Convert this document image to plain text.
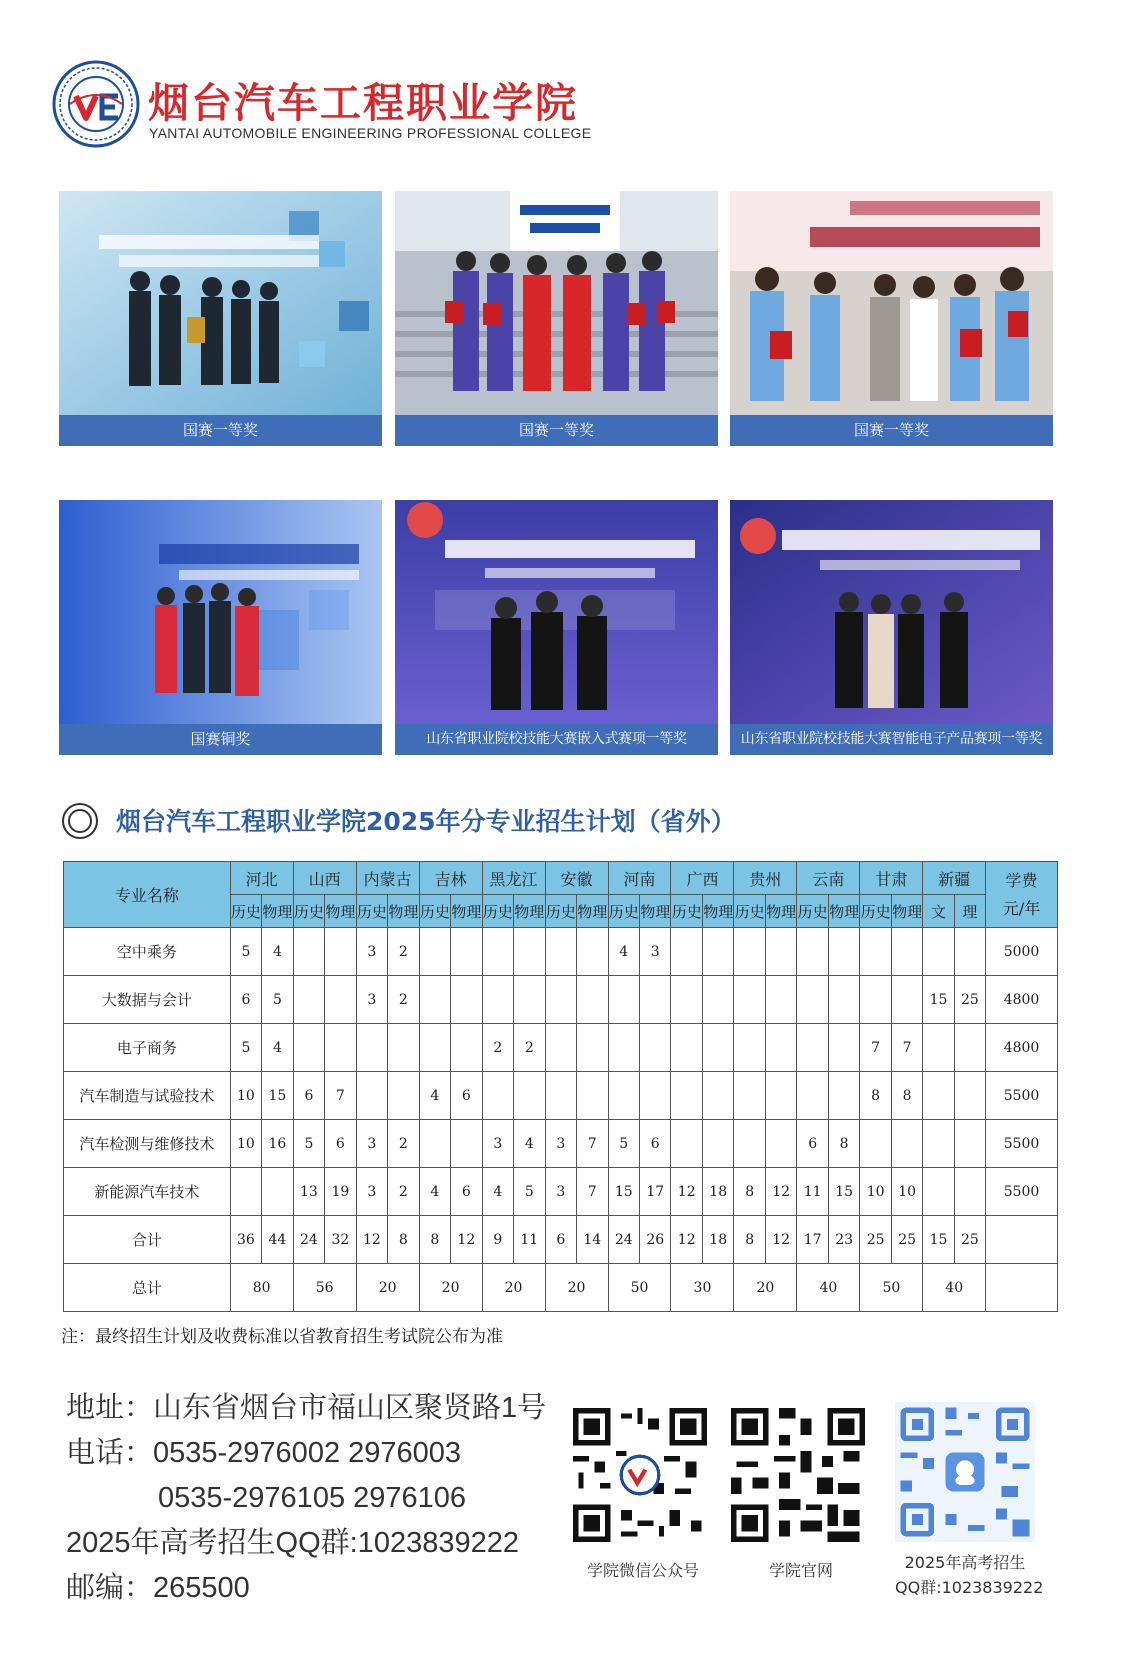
烟台汽车工程职业学院
YANTAI AUTOMOBILE ENGINEERING PROFESSIONAL COLLEGE
国赛一等奖	国赛一等奖	国赛一等奖
国赛铜奖	山东省职业院校技能大赛嵌入式赛项一等奖	山东省职业院校技能大赛智能电子产品赛项一等奖
烟台汽车工程职业学院2025年分专业招生计划（省外）
专业名称	河北		山西		内蒙古		吉林		黑龙江		安徽		河南		广西		贵州		云南		甘肃		新疆		学费
元/年

	历史	物理	历史	物理	历史	物理	历史	物理	历史	物理	历史	物理	历史	物理	历史	物理	历史	物理	历史	物理	历史	物理	文	理	
空中乘务	5	4			3	2							4	3											5000
大数据与会计	6	5			3	2																	15	25	4800
电子商务	5	4							2	2											7	7			4800
汽车制造与试验技术	10	15	6	7			4	6													8	8			5500
汽车检测与维修技术	10	16	5	6	3	2			3	4	3	7	5	6					6	8					5500
新能源汽车技术			13	19	3	2	4	6	4	5	3	7	15	17	12	18	8	12	11	15	10	10			5500
合计	36	44	24	32	12	8	8	12	9	11	6	14	24	26	12	18	8	12	17	23	25	25	15	25	
总计	80		56		20		20		20		20		50		30		20		40		50		40		
注：最终招生计划及收费标准以省教育招生考试院公布为准
地址：山东省烟台市福山区聚贤路1号
电话：0535-2976002 2976003
0535-2976105 2976106
2025年高考招生QQ群:1023839222
邮编：265500
学院微信公众号	学院官网	2025年高考招生
QQ群:1023839222
